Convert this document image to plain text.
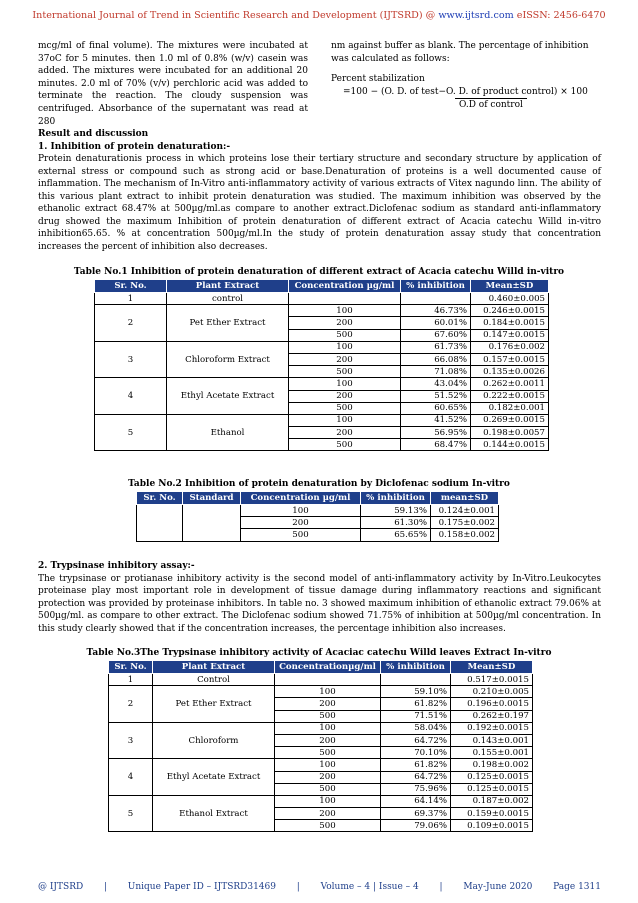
International Journal of Trend in Scientific Research and Development (IJTSRD) @ www.ijtsrd.com eISSN: 2456-6470
mcg/ml of final volume). The mixtures were incubated at 37oC for 5 minutes. then 1.0 ml of 0.8% (w/v) casein was added. The mixtures were incubated for an additional 20 minutes. 2.0 ml of 70% (v/v) perchloric acid was added to terminate the reaction. The cloudy suspension was centrifuged. Absorbance of the supernatant was read at 280
nm against buffer as blank. The percentage of inhibition was calculated as follows:
Percent stabilization
=100 − (O. D. of test−O. D. of product control) × 100
O.D of control
Result and discussion
1. Inhibition of protein denaturation:-
Protein denaturationis process in which proteins lose their tertiary structure and secondary structure by application of external stress or compound such as strong acid or base.Denaturation of proteins is a well documented cause of inflammation. The mechanism of In-Vitro anti-inflammatory activity of various extracts of Vitex nagundo linn. The ability of this various plant extract to inhibit protein denaturation was studied. The maximum inhibition was observed by the ethanolic extract 68.47% at 500µg/ml.as compare to another extract.Diclofenac sodium as standard anti-inflammatory drug showed the maximum Inhibition of protein denaturation of different extract of Acacia catechu Willd in-vitro inhibition65.65. % at concentration 500µg/ml.In the study of protein denaturation assay study that concentration increases the percent of inhibition also decreases.
Table No.1 Inhibition of protein denaturation of different extract of Acacia catechu Willd in-vitro
Sr. No.	Plant Extract	Concentration µg/ml	% inhibition	Mean±SD
1	control			0.460±0.005
2	Pet Ether Extract	100	46.73%	0.246±0.0015
		200	60.01%	0.184±0.0015
		500	67.60%	0.147±0.0015
3	Chloroform Extract	100	61.73%	0.176±0.002
		200	66.08%	0.157±0.0015
		500	71.08%	0.135±0.0026
4	Ethyl Acetate Extract	100	43.04%	0.262±0.0011
		200	51.52%	0.222±0.0015
		500	60.65%	0.182±0.001
5	Ethanol	100	41.52%	0.269±0.0015
		200	56.95%	0.198±0.0057
		500	68.47%	0.144±0.0015
Table No.2 Inhibition of protein denaturation by Diclofenac sodium In-vitro
Sr. No.	Standard	Concentration µg/ml	% inhibition	mean±SD
		100	59.13%	0.124±0.001
		200	61.30%	0.175±0.002
		500	65.65%	0.158±0.002
2. Trypsinase inhibitory assay:-
The trypsinase or protianase inhibitory activity is the second model of anti-inflammatory activity by In-Vitro.Leukocytes proteinase play most important role in development of tissue damage during inflammatory reactions and significant protection was provided by proteinase inhibitors. In table no. 3 showed maximum inhibition of ethanolic extract 79.06% at 500µg/ml. as compare to other extract. The Diclofenac sodium showed 71.75% of inhibition at 500µg/ml concentration. In this study clearly showed that if the concentration increases, the percentage inhibition also increases.
Table No.3The Trypsinase inhibitory activity of Acaciac catechu Willd leaves Extract In-vitro
Sr. No.	Plant Extract	Concentrationµg/ml	% inhibition	Mean±SD
1	Control			0.517±0.0015
2	Pet Ether Extract	100	59.10%	0.210±0.005
		200	61.82%	0.196±0.0015
		500	71.51%	0.262±0.197
3	Chloroform	100	58.04%	0.192±0.0015
		200	64.72%	0.143±0.001
		500	70.10%	0.155±0.001
4	Ethyl Acetate Extract	100	61.82%	0.198±0.002
		200	64.72%	0.125±0.0015
		500	75.96%	0.125±0.0015
5	Ethanol Extract	100	64.14%	0.187±0.002
		200	69.37%	0.159±0.0015
		500	79.06%	0.109±0.0015
@ IJTSRD | Unique Paper ID – IJTSRD31469 | Volume – 4 | Issue – 4 | May-June 2020 Page 1311
